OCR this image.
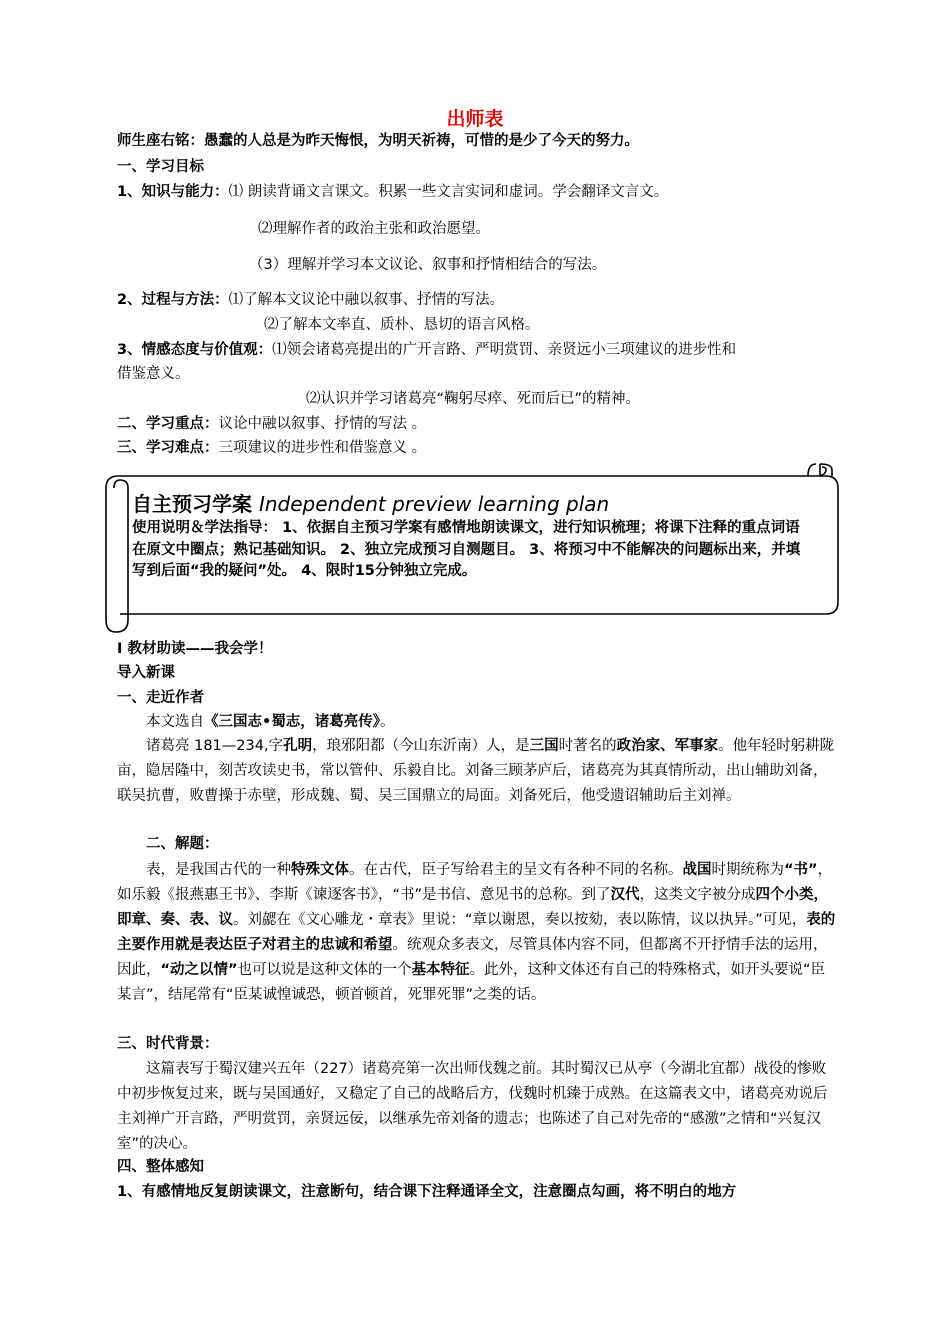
出师表
师生座右铭：愚蠢的人总是为昨天悔恨，为明天祈祷，可惜的是少了今天的努力。
一、学习目标
1、知识与能力：⑴ 朗读背诵文言课文。积累一些文言实词和虚词。学会翻译文言文。
⑵理解作者的政治主张和政治愿望。
（3）理解并学习本文议论、叙事和抒情相结合的写法。
2、过程与方法：⑴了解本文议论中融以叙事、抒情的写法。
⑵了解本文率直、质朴、恳切的语言风格。
3、情感态度与价值观：⑴领会诸葛亮提出的广开言路、严明赏罚、亲贤远小三项建议的进步性和
借鉴意义。
⑵认识并学习诸葛亮“鞠躬尽瘁、死而后已”的精神。
二、学习重点：议论中融以叙事、抒情的写法 。
三、学习难点：三项建议的进步性和借鉴意义 。
自主预习学案 Independent preview learning plan
使用说明＆学法指导： 1、依据自主预习学案有感情地朗读课文，进行知识梳理；将课下注释的重点词语在原文中圈点；熟记基础知识。 2、独立完成预习自测题目。 3、将预习中不能解决的问题标出来，并填写到后面“我的疑问”处。 4、限时15分钟独立完成。
Ⅰ 教材助读——我会学！
导入新课
一、走近作者
本文选自《三国志•蜀志，诸葛亮传》。
诸葛亮 181—234,字孔明，琅邪阳都（今山东沂南）人，是三国时著名的政治家、军事家。他年轻时躬耕陇亩，隐居隆中，刻苦攻读史书，常以管仲、乐毅自比。刘备三顾茅庐后，诸葛亮为其真情所动，出山辅助刘备，联吴抗曹，败曹操于赤壁，形成魏、蜀、吴三国鼎立的局面。刘备死后，他受遗诏辅助后主刘禅。
二、解题：
表，是我国古代的一种特殊文体。在古代，臣子写给君主的呈文有各种不同的名称。战国时期统称为“书”，如乐毅《报燕惠王书》、李斯《谏逐客书》，“书”是书信、意见书的总称。到了汉代，这类文字被分成四个小类，即章、奏、表、议。刘勰在《文心雕龙・章表》里说：“章以谢恩，奏以按劾，表以陈情，议以执异。”可见，表的主要作用就是表达臣子对君主的忠诚和希望。统观众多表文，尽管具体内容不同，但都离不开抒情手法的运用，因此，“动之以情”也可以说是这种文体的一个基本特征。此外，这种文体还有自己的特殊格式，如开头要说“臣某言”，结尾常有“臣某诚惶诚恐，顿首顿首，死罪死罪”之类的话。
三、时代背景：
这篇表写于蜀汉建兴五年（227）诸葛亮第一次出师伐魏之前。其时蜀汉已从亭（今湖北宜都）战役的惨败中初步恢复过来，既与吴国通好，又稳定了自己的战略后方，伐魏时机臻于成熟。在这篇表文中，诸葛亮劝说后主刘禅广开言路，严明赏罚，亲贤远佞，以继承先帝刘备的遗志；也陈述了自己对先帝的“感激”之情和“兴复汉室”的决心。
四、整体感知
1、有感情地反复朗读课文，注意断句，结合课下注释通译全文，注意圈点勾画，将不明白的地方
